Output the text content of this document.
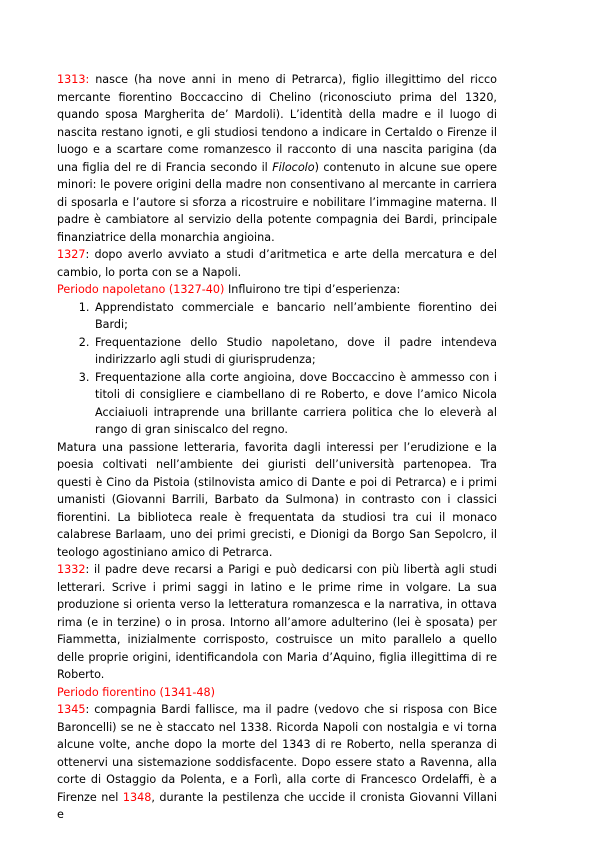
1313: nasce (ha nove anni in meno di Petrarca), figlio illegittimo del ricco mercante fiorentino Boccaccino di Chelino (riconosciuto prima del 1320, quando sposa Margherita de’ Mardoli). L’identità della madre e il luogo di nascita restano ignoti, e gli studiosi tendono a indicare in Certaldo o Firenze il luogo e a scartare come romanzesco il racconto di una nascita parigina (da una figlia del re di Francia secondo il Filocolo) contenuto in alcune sue opere minori: le povere origini della madre non consentivano al mercante in carriera di sposarla e l’autore si sforza a ricostruire e nobilitare l’immagine materna. Il padre è cambiatore al servizio della potente compagnia dei Bardi, principale finanziatrice della monarchia angioina.

1327: dopo averlo avviato a studi d’aritmetica e arte della mercatura e del cambio, lo porta con se a Napoli.

Periodo napoletano (1327-40) Influirono tre tipi d’esperienza:

1. Apprendistato commerciale e bancario nell’ambiente fiorentino dei Bardi;
2. Frequentazione dello Studio napoletano, dove il padre intendeva indirizzarlo agli studi di giurisprudenza;
3. Frequentazione alla corte angioina, dove Boccaccino è ammesso con i titoli di consigliere e ciambellano di re Roberto, e dove l’amico Nicola Acciaiuoli intraprende una brillante carriera politica che lo eleverà al rango di gran siniscalco del regno.

Matura una passione letteraria, favorita dagli interessi per l’erudizione e la poesia coltivati nell’ambiente dei giuristi dell’università partenopea. Tra questi è Cino da Pistoia (stilnovista amico di Dante e poi di Petrarca) e i primi umanisti (Giovanni Barrili, Barbato da Sulmona) in contrasto con i classici fiorentini. La biblioteca reale è frequentata da studiosi tra cui il monaco calabrese Barlaam, uno dei primi grecisti, e Dionigi da Borgo San Sepolcro, il teologo agostiniano amico di Petrarca.

1332: il padre deve recarsi a Parigi e può dedicarsi con più libertà agli studi letterari. Scrive i primi saggi in latino e le prime rime in volgare. La sua produzione si orienta verso la letteratura romanzesca e la narrativa, in ottava rima (e in terzine) o in prosa. Intorno all’amore adulterino (lei è sposata) per Fiammetta, inizialmente corrisposto, costruisce un mito parallelo a quello delle proprie origini, identificandola con Maria d’Aquino, figlia illegittima di re Roberto.

Periodo fiorentino (1341-48)

1345: compagnia Bardi fallisce, ma il padre (vedovo che si risposa con Bice Baroncelli) se ne è staccato nel 1338. Ricorda Napoli con nostalgia e vi torna alcune volte, anche dopo la morte del 1343 di re Roberto, nella speranza di ottenervi una sistemazione soddisfacente. Dopo essere stato a Ravenna, alla corte di Ostaggio da Polenta, e a Forlì, alla corte di Francesco Ordelaffi, è a Firenze nel 1348, durante la pestilenza che uccide il cronista Giovanni Villani e
